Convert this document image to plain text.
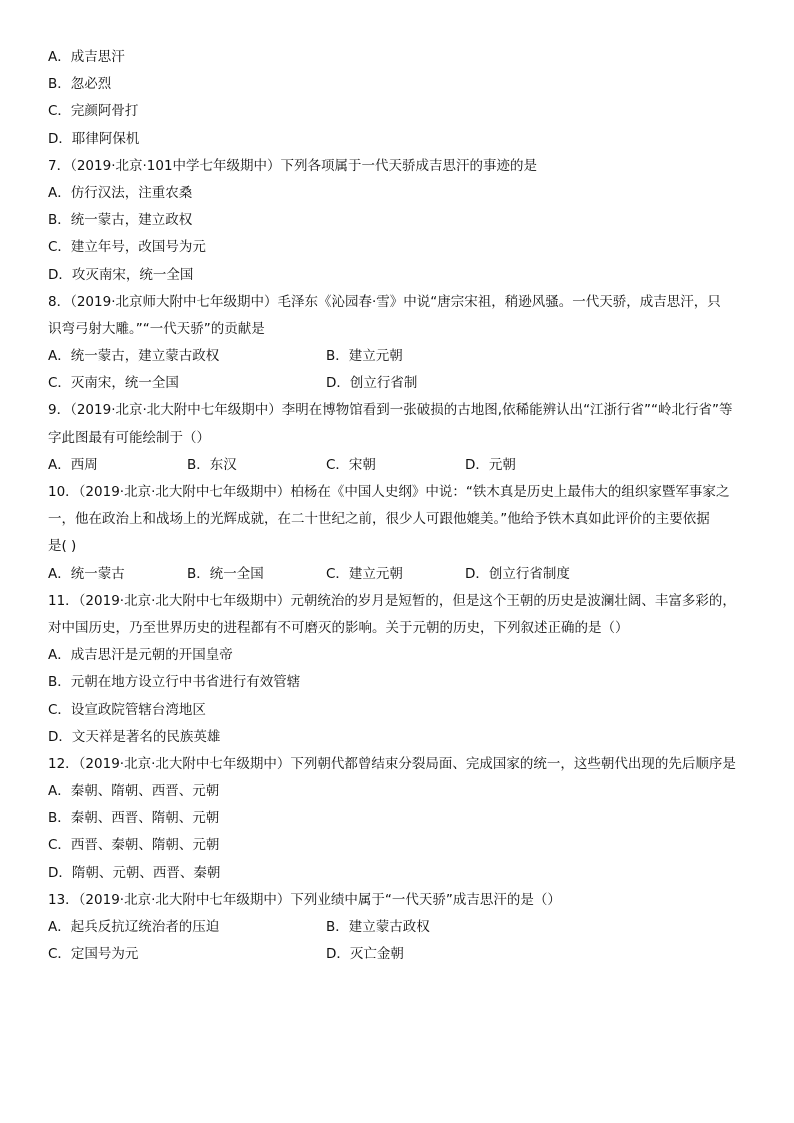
A．成吉思汗
B．忽必烈
C．完颜阿骨打
D．耶律阿保机
7．（2019·北京·101中学七年级期中）下列各项属于一代天骄成吉思汗的事迹的是
A．仿行汉法，注重农桑
B．统一蒙古，建立政权
C．建立年号，改国号为元
D．攻灭南宋，统一全国
8．（2019·北京师大附中七年级期中）毛泽东《沁园春·雪》中说“唐宗宋祖，稍逊风骚。一代天骄，成吉思汗，只
识弯弓射大雕。”“一代天骄”的贡献是
A．统一蒙古，建立蒙古政权	B．建立元朝
C．灭南宋，统一全国	D．创立行省制
9．（2019·北京·北大附中七年级期中）李明在博物馆看到一张破损的古地图,依稀能辨认出“江浙行省”“岭北行省”等
字此图最有可能绘制于（）
A．西周	B．东汉	C．宋朝	D．元朝
10．（2019·北京·北大附中七年级期中）柏杨在《中国人史纲》中说：“铁木真是历史上最伟大的组织家暨军事家之
一，他在政治上和战场上的光辉成就，在二十世纪之前，很少人可跟他媲美。”他给予铁木真如此评价的主要依据
是( )
A．统一蒙古	B．统一全国	C．建立元朝	D．创立行省制度
11．（2019·北京·北大附中七年级期中）元朝统治的岁月是短暂的，但是这个王朝的历史是波澜壮阔、丰富多彩的，
对中国历史，乃至世界历史的进程都有不可磨灭的影响。关于元朝的历史，下列叙述正确的是（）
A．成吉思汗是元朝的开国皇帝
B．元朝在地方设立行中书省进行有效管辖
C．设宣政院管辖台湾地区
D．文天祥是著名的民族英雄
12．（2019·北京·北大附中七年级期中）下列朝代都曾结束分裂局面、完成国家的统一，这些朝代出现的先后顺序是
A．秦朝、隋朝、西晋、元朝
B．秦朝、西晋、隋朝、元朝
C．西晋、秦朝、隋朝、元朝
D．隋朝、元朝、西晋、秦朝
13．（2019·北京·北大附中七年级期中）下列业绩中属于“一代天骄”成吉思汗的是（）
A．起兵反抗辽统治者的压迫	B．建立蒙古政权
C．定国号为元	D．灭亡金朝
